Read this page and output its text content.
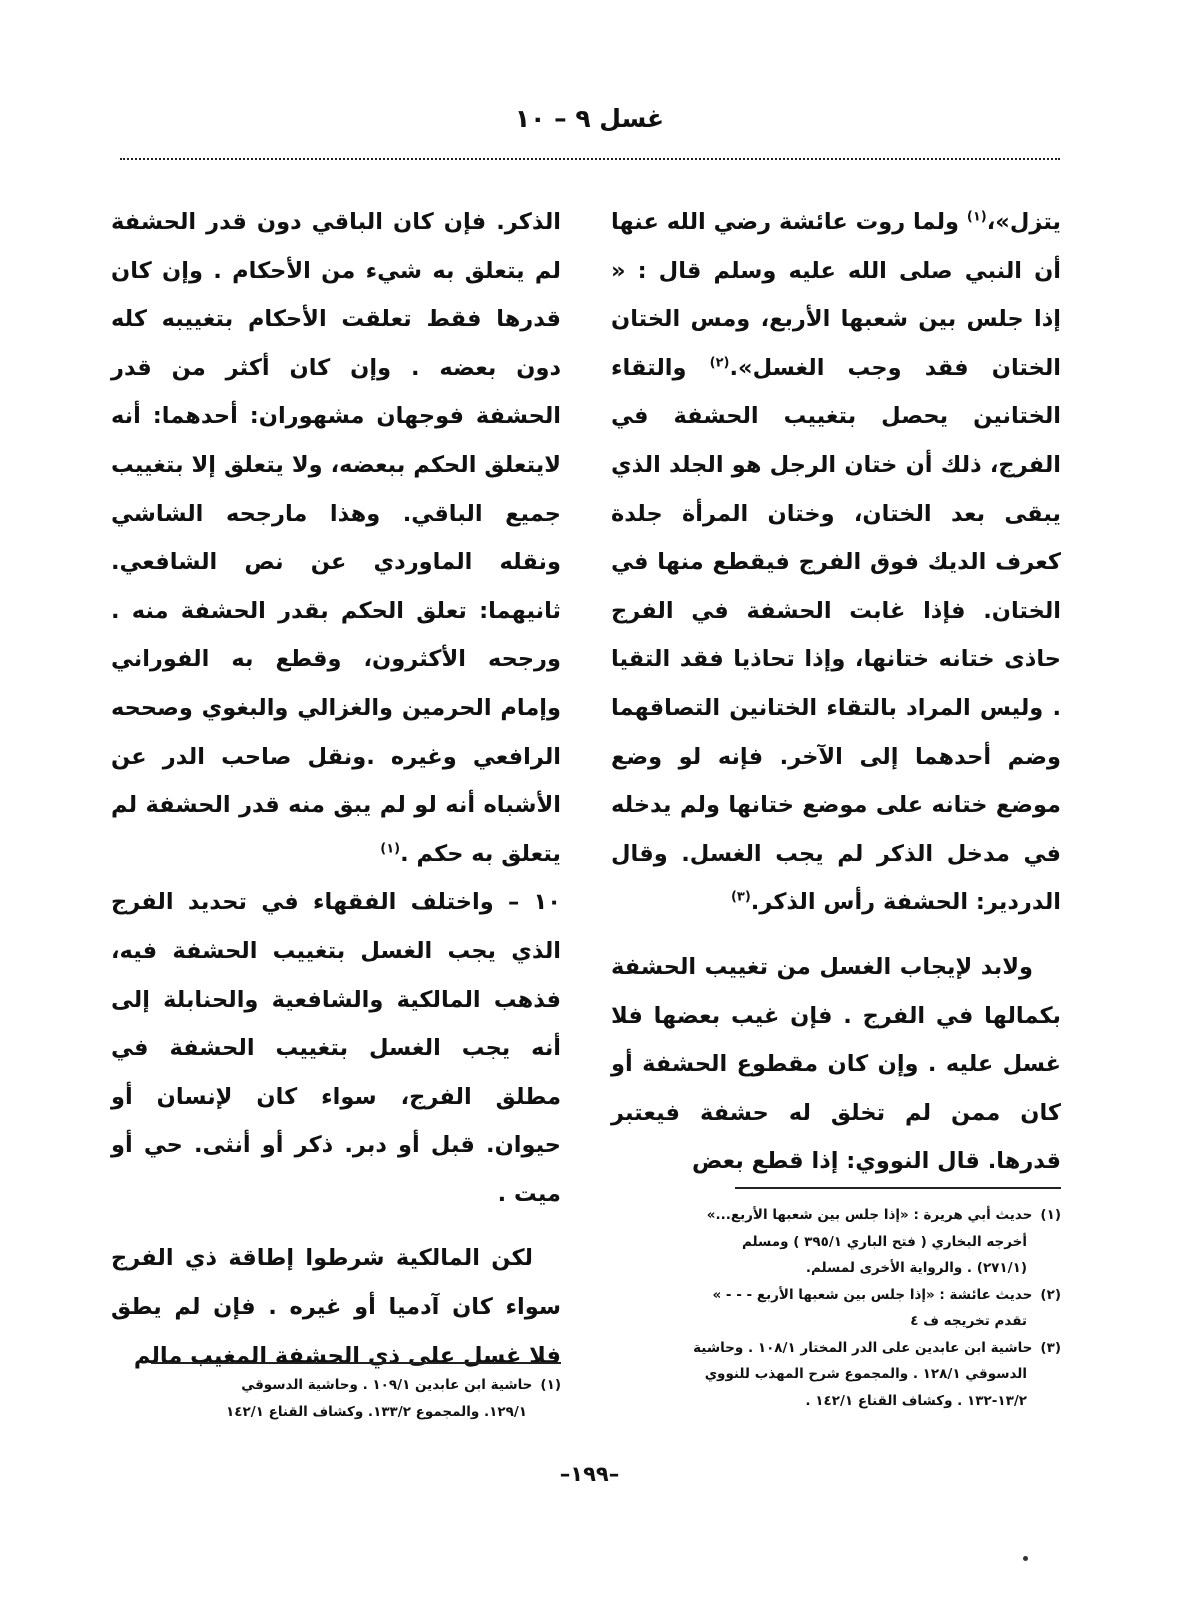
غسل ٩ – ١٠

يتزل»،$^{(١)}$ ولما روت عائشة رضي الله عنها أن النبي صلى الله عليه وسلم قال : « إذا جلس بين شعبها الأربع، ومس الختان الختان فقد وجب الغسل».$^{(٢)}$ والتقاء الختانين يحصل بتغييب الحشفة في الفرج، ذلك أن ختان الرجل هو الجلد الذي يبقى بعد الختان، وختان المرأة جلدة كعرف الديك فوق الفرج فيقطع منها في الختان. فإذا غابت الحشفة في الفرج حاذى ختانه ختانها، وإذا تحاذيا فقد التقيا . وليس المراد بالتقاء الختانين التصاقهما وضم أحدهما إلى الآخر. فإنه لو وضع موضع ختانه على موضع ختانها ولم يدخله في مدخل الذكر لم يجب الغسل. وقال الدردير: الحشفة رأس الذكر.$^{(٣)}$

ولابد لإيجاب الغسل من تغييب الحشفة بكمالها في الفرج . فإن غيب بعضها فلا غسل عليه . وإن كان مقطوع الحشفة أو كان ممن لم تخلق له حشفة فيعتبر قدرها. قال النووي: إذا قطع بعض

(١)حديث أبي هريرة : «إذا جلس بين شعبها الأربع...»

أخرجه البخاري ( فتح الباري ٣٩٥/١ ) ومسلم

(٢٧١/١) . والرواية الأخرى لمسلم.

(٢)حديث عائشة : «إذا جلس بين شعبها الأربع - - - »

تقدم تخريجه ف ٤

(٣)حاشية ابن عابدين على الدر المختار ١٠٨/١ . وحاشية

الدسوقي ١٢٨/١ . والمجموع شرح المهذب للنووي

١٣/٢-١٣٢ . وكشاف القناع ١٤٢/١ .

الذكر. فإن كان الباقي دون قدر الحشفة لم يتعلق به شيء من الأحكام . وإن كان قدرها فقط تعلقت الأحكام بتغييبه كله دون بعضه . وإن كان أكثر من قدر الحشفة فوجهان مشهوران: أحدهما: أنه لايتعلق الحكم ببعضه، ولا يتعلق إلا بتغييب جميع الباقي. وهذا مارجحه الشاشي ونقله الماوردي عن نص الشافعي. ثانيهما: تعلق الحكم بقدر الحشفة منه . ورجحه الأكثرون، وقطع به الفوراني وإمام الحرمين والغزالي والبغوي وصححه الرافعي وغيره .ونقل صاحب الدر عن الأشباه أنه لو لم يبق منه قدر الحشفة لم يتعلق به حكم .$^{(١)}$

١٠ – واختلف الفقهاء في تحديد الفرج الذي يجب الغسل بتغييب الحشفة فيه، فذهب المالكية والشافعية والحنابلة إلى أنه يجب الغسل بتغييب الحشفة في مطلق الفرج، سواء كان لإنسان أو حيوان. قبل أو دبر. ذكر أو أنثى. حي أو ميت .

لكن المالكية شرطوا إطاقة ذي الفرج سواء كان آدميا أو غيره . فإن لم يطق فلا غسل على ذي الحشفة المغيب مالم

(١)حاشية ابن عابدين ١٠٩/١ . وحاشية الدسوقي

١٢٩/١. والمجموع ١٣٣/٢. وكشاف القناع ١٤٢/١

–١٩٩–
